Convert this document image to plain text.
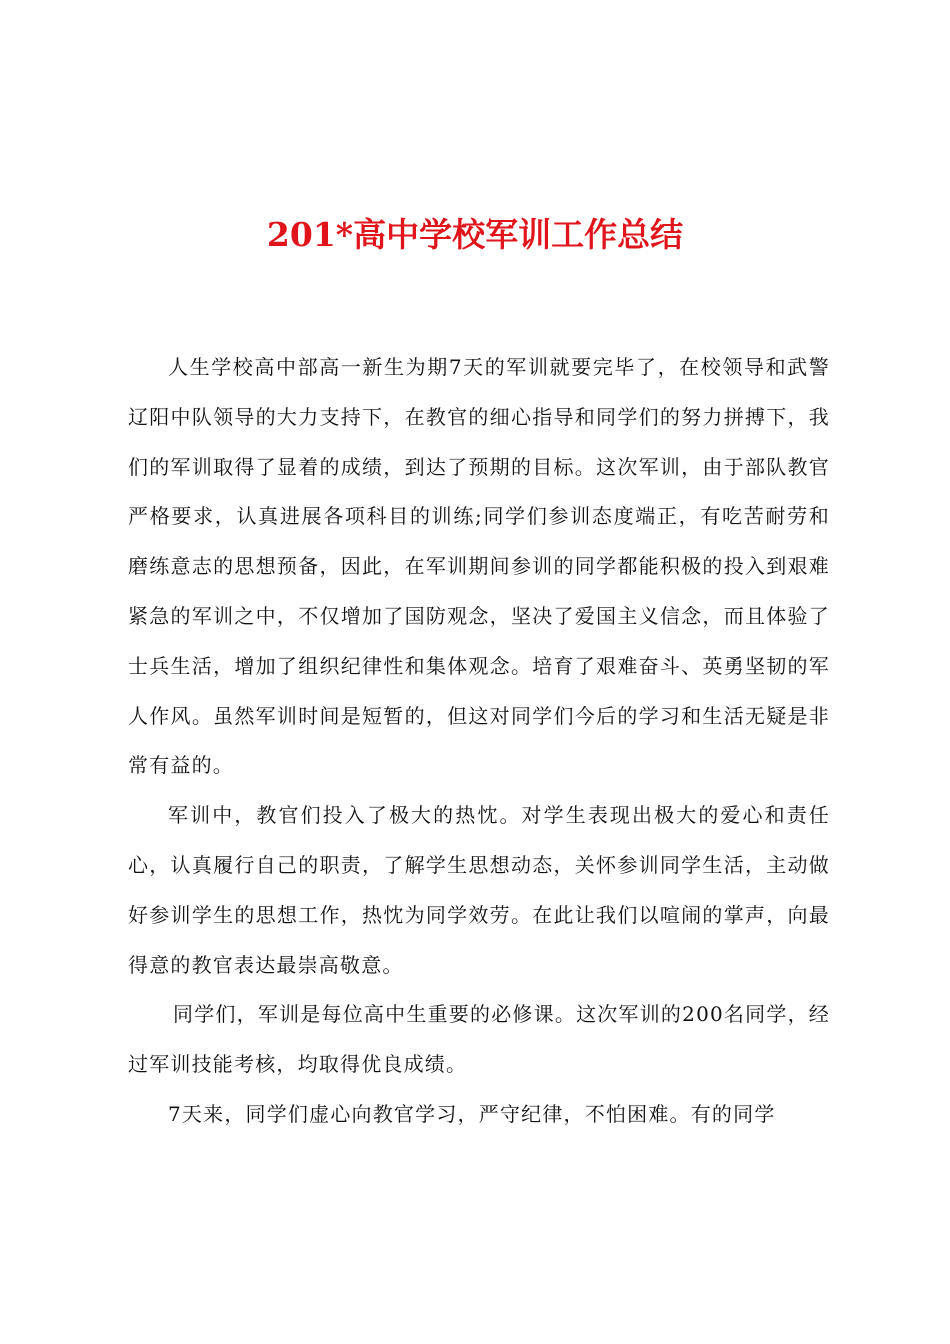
201*高中学校军训工作总结

人生学校高中部高一新生为期7天的军训就要完毕了，在校领导和武警辽阳中队领导的大力支持下，在教官的细心指导和同学们的努力拼搏下，我们的军训取得了显着的成绩，到达了预期的目标。这次军训，由于部队教官严格要求，认真进展各项科目的训练;同学们参训态度端正，有吃苦耐劳和磨练意志的思想预备，因此，在军训期间参训的同学都能积极的投入到艰难紧急的军训之中，不仅增加了国防观念，坚决了爱国主义信念，而且体验了士兵生活，增加了组织纪律性和集体观念。培育了艰难奋斗、英勇坚韧的军人作风。虽然军训时间是短暂的，但这对同学们今后的学习和生活无疑是非常有益的。

军训中，教官们投入了极大的热忱。对学生表现出极大的爱心和责任心，认真履行自己的职责，了解学生思想动态，关怀参训同学生活，主动做好参训学生的思想工作，热忱为同学效劳。在此让我们以喧闹的掌声，向最得意的教官表达最崇高敬意。

同学们，军训是每位高中生重要的必修课。这次军训的200名同学，经过军训技能考核，均取得优良成绩。

7天来，同学们虚心向教官学习，严守纪律，不怕困难。有的同学
